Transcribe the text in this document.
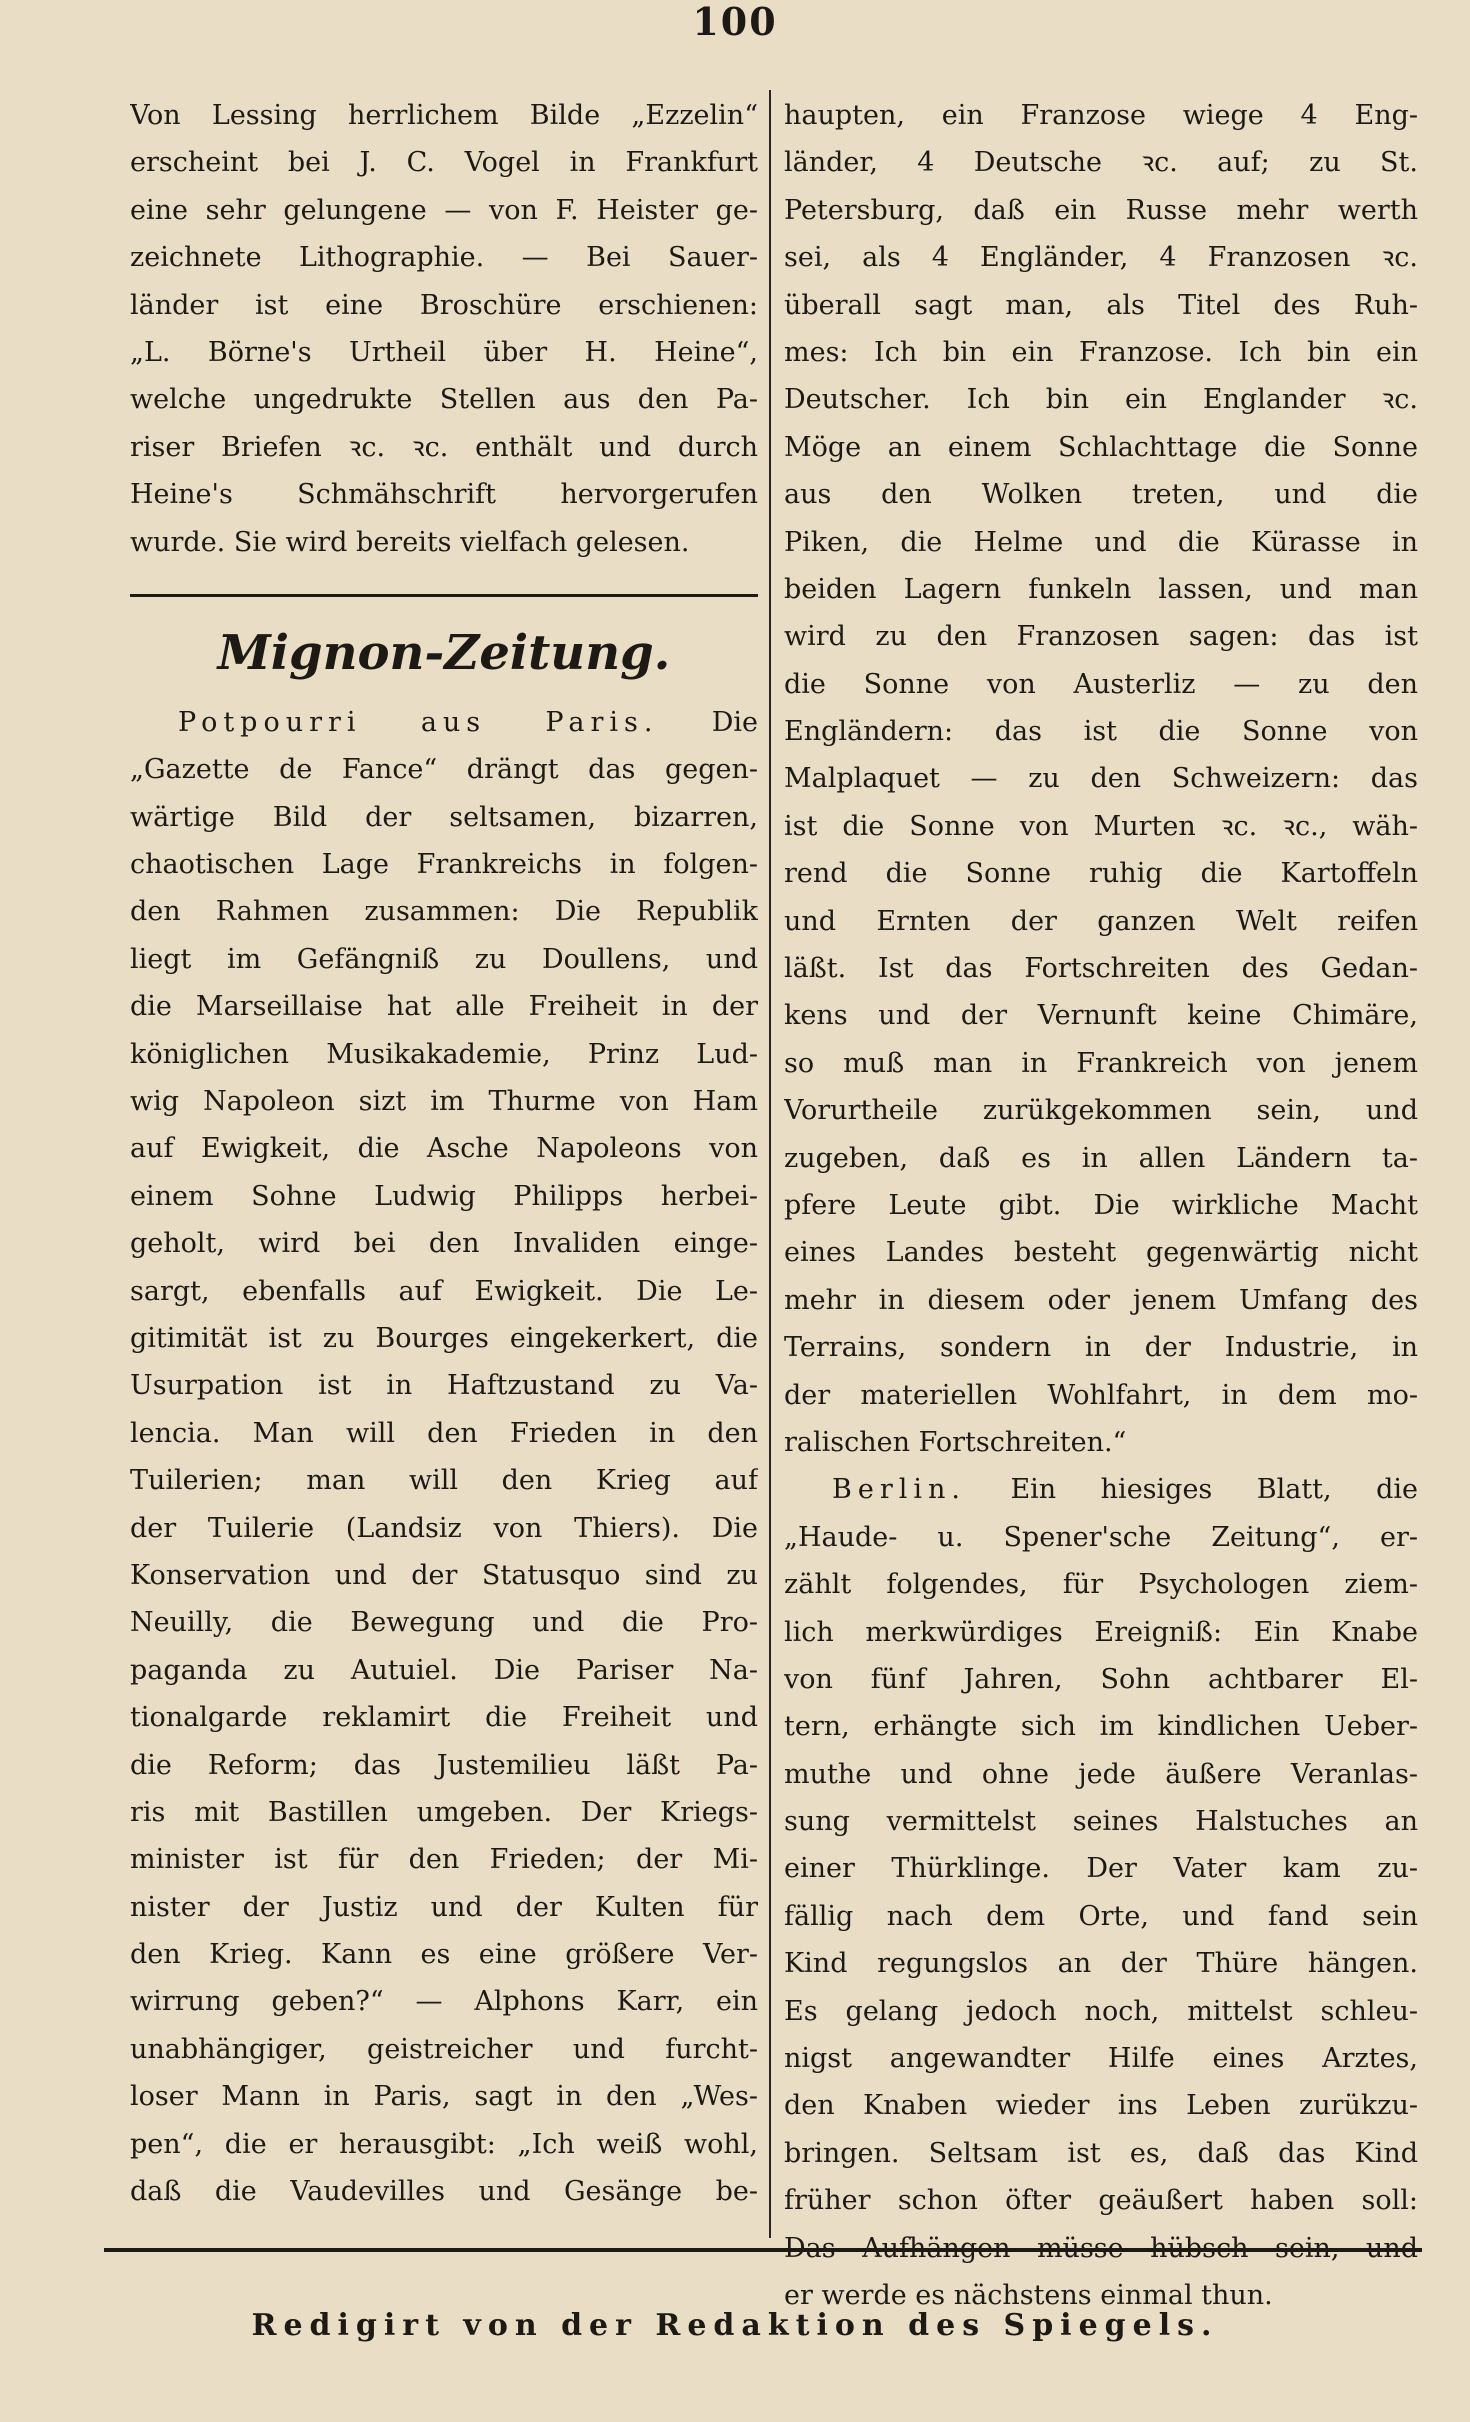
100
Von Lessing herrlichem Bilde „Ezzelin“
erscheint bei J. C. Vogel in Frankfurt
eine sehr gelungene — von F. Heister ge-
zeichnete Lithographie. — Bei Sauer-
länder ist eine Broschüre erschienen:
„L. Börne's Urtheil über H. Heine“,
welche ungedrukte Stellen aus den Pa-
riser Briefen ꝛc. ꝛc. enthält und durch
Heine's Schmähschrift hervorgerufen
wurde. Sie wird bereits vielfach gelesen.
Mignon-Zeitung.
Potpourri aus Paris. Die
„Gazette de Fance“ drängt das gegen-
wärtige Bild der seltsamen, bizarren,
chaotischen Lage Frankreichs in folgen-
den Rahmen zusammen: Die Republik
liegt im Gefängniß zu Doullens, und
die Marseillaise hat alle Freiheit in der
königlichen Musikakademie, Prinz Lud-
wig Napoleon sizt im Thurme von Ham
auf Ewigkeit, die Asche Napoleons von
einem Sohne Ludwig Philipps herbei-
geholt, wird bei den Invaliden einge-
sargt, ebenfalls auf Ewigkeit. Die Le-
gitimität ist zu Bourges eingekerkert, die
Usurpation ist in Haftzustand zu Va-
lencia. Man will den Frieden in den
Tuilerien; man will den Krieg auf
der Tuilerie (Landsiz von Thiers). Die
Konservation und der Statusquo sind zu
Neuilly, die Bewegung und die Pro-
paganda zu Autuiel. Die Pariser Na-
tionalgarde reklamirt die Freiheit und
die Reform; das Justemilieu läßt Pa-
ris mit Bastillen umgeben. Der Kriegs-
minister ist für den Frieden; der Mi-
nister der Justiz und der Kulten für
den Krieg. Kann es eine größere Ver-
wirrung geben?“ — Alphons Karr, ein
unabhängiger, geistreicher und furcht-
loser Mann in Paris, sagt in den „Wes-
pen“, die er herausgibt: „Ich weiß wohl,
daß die Vaudevilles und Gesänge be-
haupten, ein Franzose wiege 4 Eng-
länder, 4 Deutsche ꝛc. auf; zu St.
Petersburg, daß ein Russe mehr werth
sei, als 4 Engländer, 4 Franzosen ꝛc.
überall sagt man, als Titel des Ruh-
mes: Ich bin ein Franzose. Ich bin ein
Deutscher. Ich bin ein Englander ꝛc.
Möge an einem Schlachttage die Sonne
aus den Wolken treten, und die
Piken, die Helme und die Kürasse in
beiden Lagern funkeln lassen, und man
wird zu den Franzosen sagen: das ist
die Sonne von Austerliz — zu den
Engländern: das ist die Sonne von
Malplaquet — zu den Schweizern: das
ist die Sonne von Murten ꝛc. ꝛc., wäh-
rend die Sonne ruhig die Kartoffeln
und Ernten der ganzen Welt reifen
läßt. Ist das Fortschreiten des Gedan-
kens und der Vernunft keine Chimäre,
so muß man in Frankreich von jenem
Vorurtheile zurükgekommen sein, und
zugeben, daß es in allen Ländern ta-
pfere Leute gibt. Die wirkliche Macht
eines Landes besteht gegenwärtig nicht
mehr in diesem oder jenem Umfang des
Terrains, sondern in der Industrie, in
der materiellen Wohlfahrt, in dem mo-
ralischen Fortschreiten.“
Berlin. Ein hiesiges Blatt, die
„Haude- u. Spener'sche Zeitung“, er-
zählt folgendes, für Psychologen ziem-
lich merkwürdiges Ereigniß: Ein Knabe
von fünf Jahren, Sohn achtbarer El-
tern, erhängte sich im kindlichen Ueber-
muthe und ohne jede äußere Veranlas-
sung vermittelst seines Halstuches an
einer Thürklinge. Der Vater kam zu-
fällig nach dem Orte, und fand sein
Kind regungslos an der Thüre hängen.
Es gelang jedoch noch, mittelst schleu-
nigst angewandter Hilfe eines Arztes,
den Knaben wieder ins Leben zurükzu-
bringen. Seltsam ist es, daß das Kind
früher schon öfter geäußert haben soll:
er werde es nächstens einmal thun.
Redigirt von der Redaktion des Spiegels.
